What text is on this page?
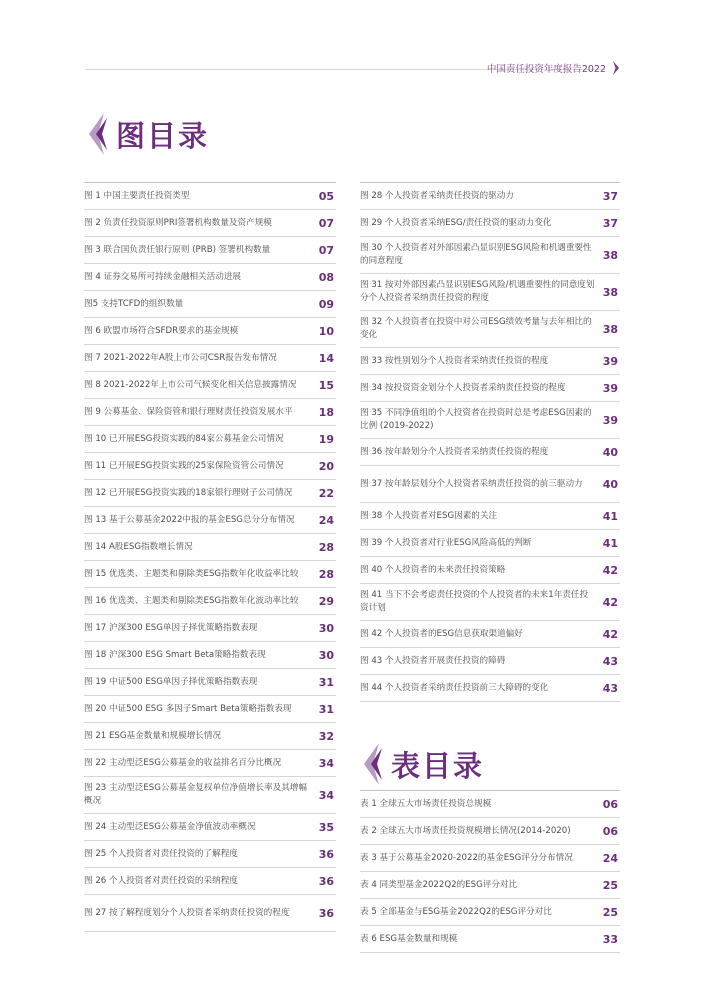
中国责任投资年度报告2022
图目录
图 1 中国主要责任投资类型	05
图 2 负责任投资原则PRI签署机构数量及资产规模	07
图 3 联合国负责任银行原则 (PRB) 签署机构数量	07
图 4 证券交易所可持续金融相关活动进展	08
图5 支持TCFD的组织数量	09
图 6 欧盟市场符合SFDR要求的基金规模	10
图 7 2021-2022年A股上市公司CSR报告发布情况	14
图 8 2021-2022年上市公司气候变化相关信息披露情况	15
图 9 公募基金、保险资管和银行理财责任投资发展水平	18
图 10 已开展ESG投资实践的84家公募基金公司情况	19
图 11 已开展ESG投资实践的25家保险资管公司情况	20
图 12 已开展ESG投资实践的18家银行理财子公司情况	22
图 13 基于公募基金2022中报的基金ESG总分分布情况	24
图 14 A股ESG指数增长情况	28
图 15 优选类、主题类和剔除类ESG指数年化收益率比较	28
图 16 优选类、主题类和剔除类ESG指数年化波动率比较	29
图 17 沪深300 ESG单因子择优策略指数表现	30
图 18 沪深300 ESG Smart Beta策略指数表现	30
图 19 中证500 ESG单因子择优策略指数表现	31
图 20 中证500 ESG 多因子Smart Beta策略指数表现	31
图 21 ESG基金数量和规模增长情况	32
图 22 主动型泛ESG公募基金的收益排名百分比概况	34
图 23 主动型泛ESG公募基金复权单位净值增长率及其增幅概况	34
图 24 主动型泛ESG公募基金净值波动率概况	35
图 25 个人投资者对责任投资的了解程度	36
图 26 个人投资者对责任投资的采纳程度	36
图 27 按了解程度划分个人投资者采纳责任投资的程度	36
图 28 个人投资者采纳责任投资的驱动力	37
图 29 个人投资者采纳ESG/责任投资的驱动力变化	37
图 30 个人投资者对外部因素凸显识别ESG风险和机遇重要性的同意程度	38
图 31 按对外部因素凸显识别ESG风险/机遇重要性的同意度划分个人投资者采纳责任投资的程度	38
图 32 个人投资者在投资中对公司ESG绩效考量与去年相比的变化	38
图 33 按性别划分个人投资者采纳责任投资的程度	39
图 34 按投资资金划分个人投资者采纳责任投资的程度	39
图 35 不同净值组的个人投资者在投资时总是考虑ESG因素的比例 (2019-2022)	39
图 36 按年龄划分个人投资者采纳责任投资的程度	40
图 37 按年龄层划分个人投资者采纳责任投资的前三驱动力	40
图 38 个人投资者对ESG因素的关注	41
图 39 个人投资者对行业ESG风险高低的判断	41
图 40 个人投资者的未来责任投资策略	42
图 41 当下不会考虑责任投资的个人投资者的未来1年责任投资计划	42
图 42 个人投资者的ESG信息获取渠道偏好	42
图 43 个人投资者开展责任投资的障碍	43
图 44 个人投资者采纳责任投资前三大障碍的变化	43
表目录
表 1 全球五大市场责任投资总规模	06
表 2 全球五大市场责任投资规模增长情况(2014-2020)	06
表 3 基于公募基金2020-2022的基金ESG评分分布情况	24
表 4 同类型基金2022Q2的ESG评分对比	25
表 5 全部基金与ESG基金2022Q2的ESG评分对比	25
表 6 ESG基金数量和规模	33
